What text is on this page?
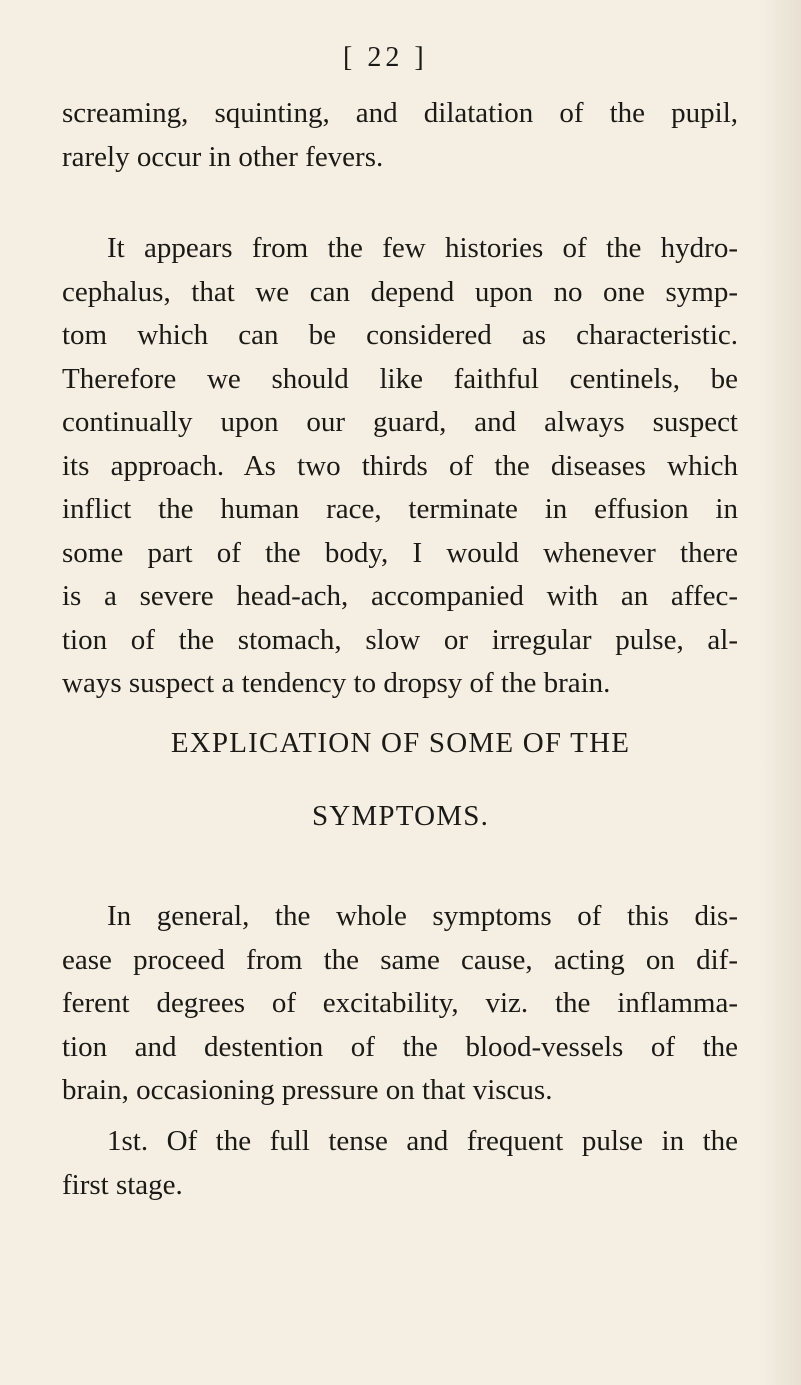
[ 22 ]

screaming, squinting, and dilatation of the pupil,
rarely occur in other fevers.

It appears from the few histories of the hydro-
cephalus, that we can depend upon no one symp-
tom which can be considered as characteristic.
Therefore we should like faithful centinels, be
continually upon our guard, and always suspect
its approach. As two thirds of the diseases which
inflict the human race, terminate in effusion in
some part of the body, I would whenever there
is a severe head-ach, accompanied with an affec-
tion of the stomach, slow or irregular pulse, al-
ways suspect a tendency to dropsy of the brain.

EXPLICATION OF SOME OF THE
SYMPTOMS.

In general, the whole symptoms of this dis-
ease proceed from the same cause, acting on dif-
ferent degrees of excitability, viz. the inflamma-
tion and destention of the blood-vessels of the
brain, occasioning pressure on that viscus.

1st. Of the full tense and frequent pulse in the
first stage.
